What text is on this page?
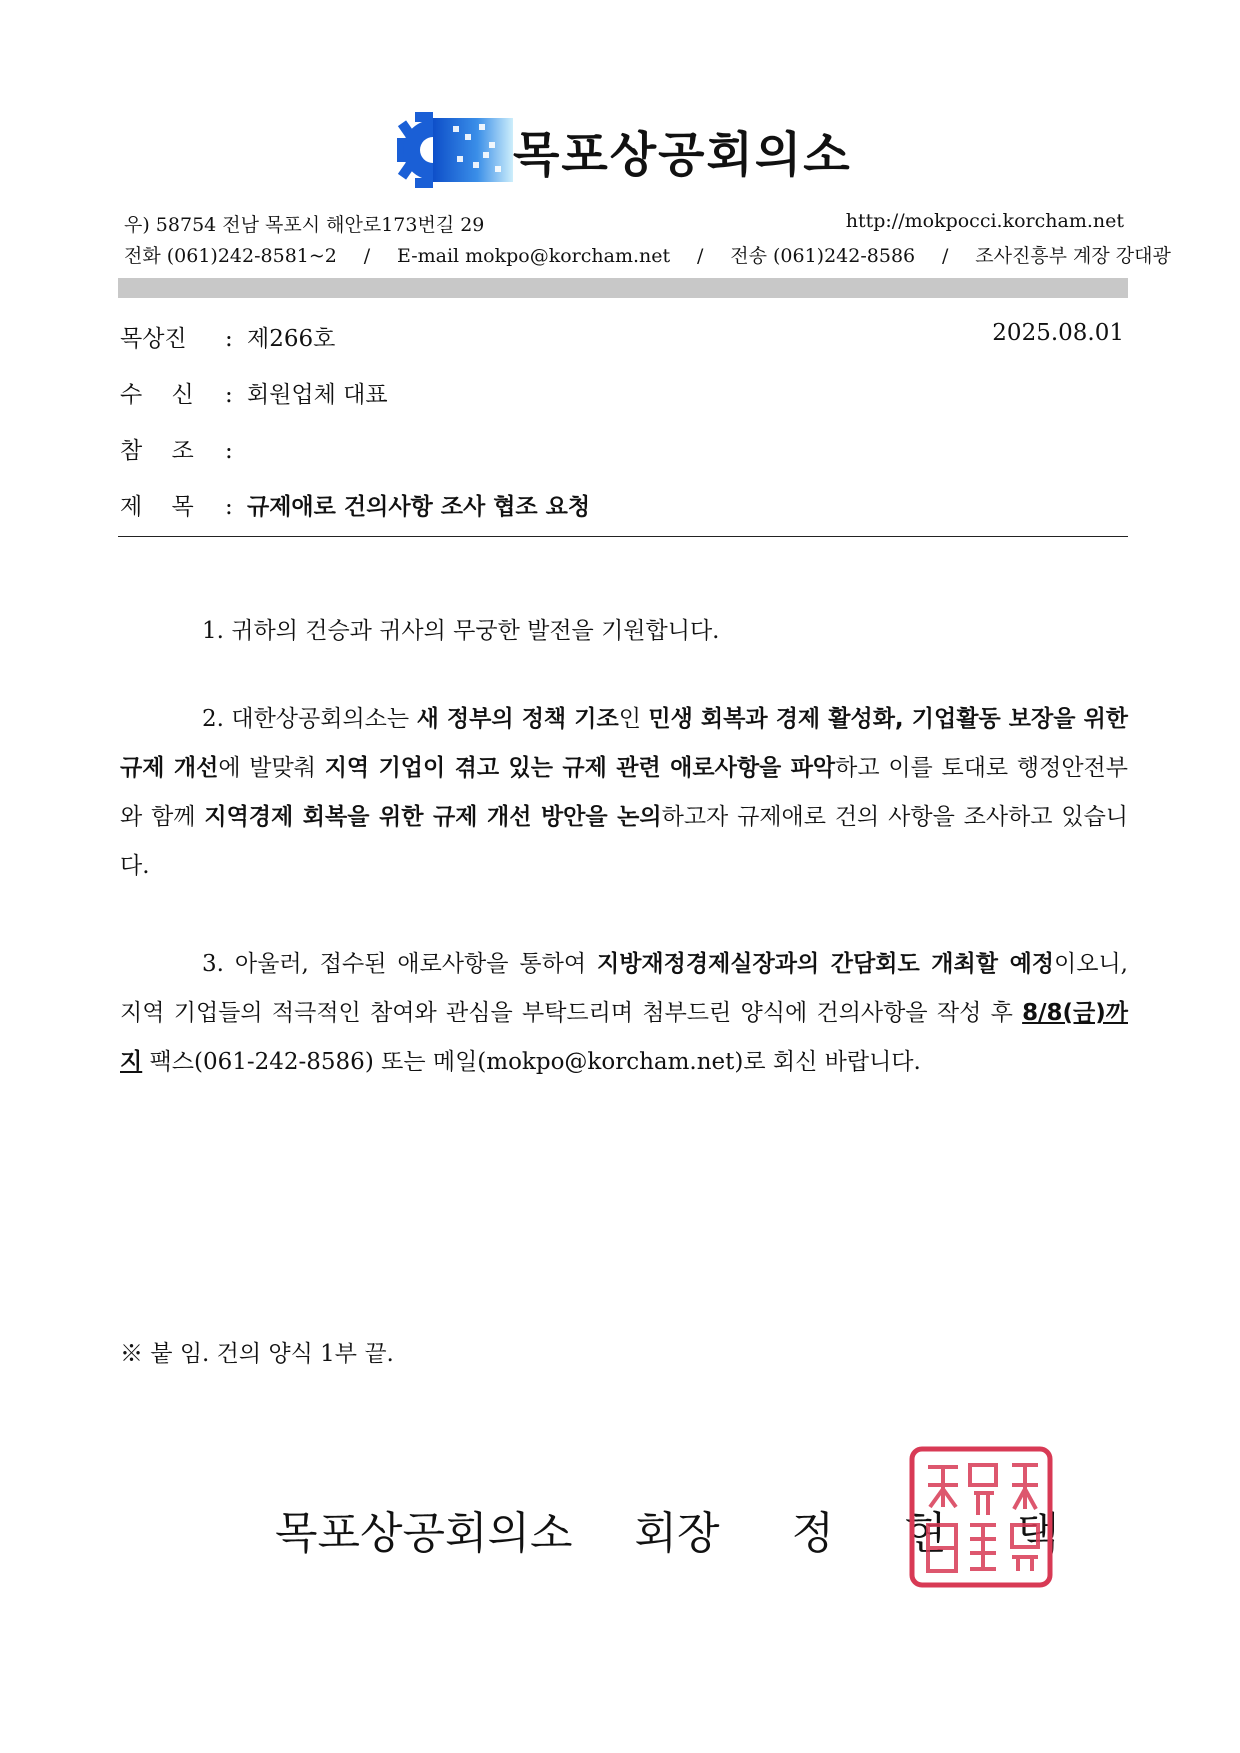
목포상공회의소
우) 58754 전남 목포시 해안로173번길 29	http://mokpocci.korcham.net
전화 (061)242-8581~2 / E-mail mokpo@korcham.net / 전송 (061)242-8586 / 조사진흥부 계장 강대광
목상진 : 제266호	2025.08.01
수    신 : 회원업체 대표
참    조 :
제    목 : 규제애로 건의사항 조사 협조 요청
1. 귀하의 건승과 귀사의 무궁한 발전을 기원합니다.
2. 대한상공회의소는 새 정부의 정책 기조인 민생 회복과 경제 활성화, 기업활동 보장을 위한 규제 개선에 발맞춰 지역 기업이 겪고 있는 규제 관련 애로사항을 파악하고 이를 토대로 행정안전부와 함께 지역경제 회복을 위한 규제 개선 방안을 논의하고자 규제애로 건의 사항을 조사하고 있습니다.
3. 아울러, 접수된 애로사항을 통하여 지방재정경제실장과의 간담회도 개최할 예정이오니, 지역 기업들의 적극적인 참여와 관심을 부탁드리며 첨부드린 양식에 건의사항을 작성 후 8/8(금)까지 팩스(061-242-8586) 또는 메일(mokpo@korcham.net)로 회신 바랍니다.
※ 붙 임. 건의 양식 1부 끝.
목포상공회의소 회장 정 현 택
